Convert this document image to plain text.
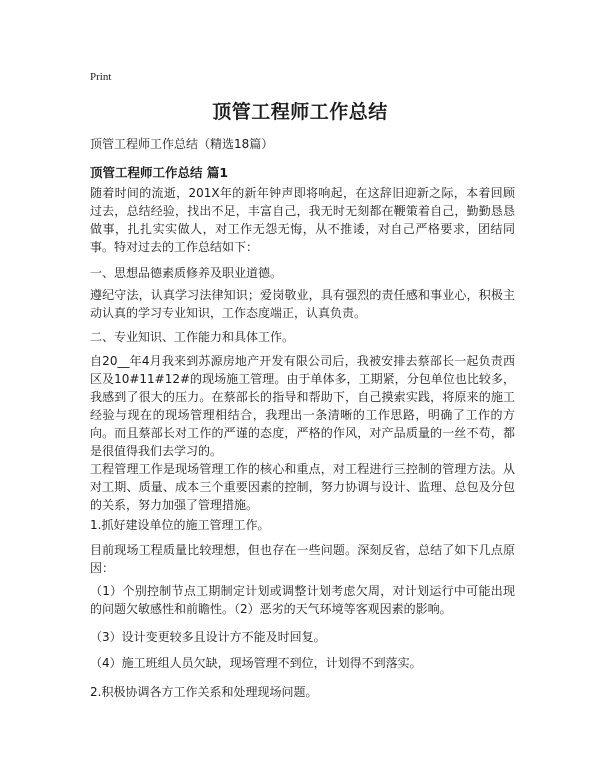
Print
顶管工程师工作总结
顶管工程师工作总结（精选18篇）
顶管工程师工作总结 篇1
随着时间的流逝，201X年的新年钟声即将响起，在这辞旧迎新之际，本着回顾过去，总结经验，找出不足，丰富自己，我无时无刻都在鞭策着自己，勤勤恳恳做事，扎扎实实做人，对工作无怨无悔，从不推诿，对自己严格要求，团结同事。特对过去的工作总结如下：
一、思想品德素质修养及职业道德。
遵纪守法，认真学习法律知识；爱岗敬业，具有强烈的责任感和事业心，积极主动认真的学习专业知识，工作态度端正，认真负责。
二、专业知识、工作能力和具体工作。
自20__年4月我来到苏源房地产开发有限公司后，我被安排去蔡部长一起负责西区及10#11#12#的现场施工管理。由于单体多，工期紧，分包单位也比较多，我感到了很大的压力。在蔡部长的指导和帮助下，自己摸索实践，将原来的施工经验与现在的现场管理相结合，我理出一条清晰的工作思路，明确了工作的方向。而且蔡部长对工作的严谨的态度，严格的作风，对产品质量的一丝不苟，都是很值得我们去学习的。
工程管理工作是现场管理工作的核心和重点，对工程进行三控制的管理方法。从对工期、质量、成本三个重要因素的控制，努力协调与设计、监理、总包及分包的关系，努力加强了管理措施。
1.抓好建设单位的施工管理工作。
目前现场工程质量比较理想，但也存在一些问题。深刻反省，总结了如下几点原因：
（1）个别控制节点工期制定计划或调整计划考虑欠周，对计划运行中可能出现的问题欠敏感性和前瞻性。（2）恶劣的天气环境等客观因素的影响。
（3）设计变更较多且设计方不能及时回复。
（4）施工班组人员欠缺，现场管理不到位，计划得不到落实。
2.积极协调各方工作关系和处理现场问题。
